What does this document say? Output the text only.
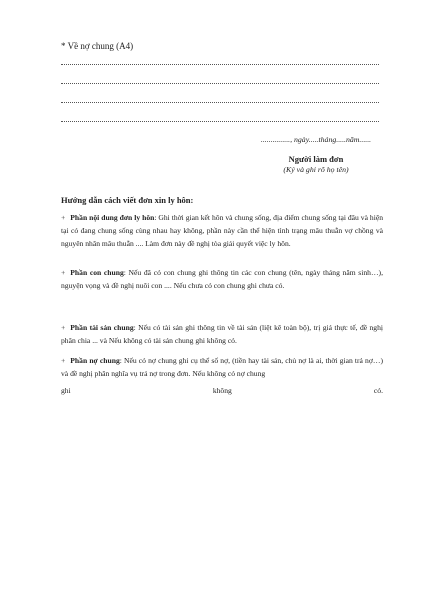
* Về nợ chung (A4)
..............., ngày.....tháng.....năm......
Người làm đơn
(Ký và ghi rõ họ tên)
Hướng dẫn cách viết đơn xin ly hôn:
+ Phần nội dung đơn ly hôn: Ghi thời gian kết hôn và chung sống, địa điểm chung sống tại đâu và hiện tại có đang chung sống cùng nhau hay không, phần này cần thể hiện tình trạng mâu thuẫn vợ chồng và nguyên nhân mâu thuẫn .... Làm đơn này đề nghị tòa giải quyết việc ly hôn.
+ Phần con chung: Nếu đã có con chung ghi thông tin các con chung (tên, ngày tháng năm sinh…), nguyện vọng và đề nghị nuôi con .... Nếu chưa có con chung ghi chưa có.
+ Phần tài sản chung: Nếu có tài sản ghi thông tin về tài sản (liệt kê toàn bộ), trị giá thực tế, đề nghị phân chia ... và Nếu không có tài sản chung ghi không có.
+ Phần nợ chung: Nếu có nợ chung ghi cụ thể số nợ, (tiền hay tài sản, chủ nợ là ai, thời gian trả nợ…) và đề nghị phân nghĩa vụ trả nợ trong đơn. Nếu không có nợ chung
ghi	không	có.
